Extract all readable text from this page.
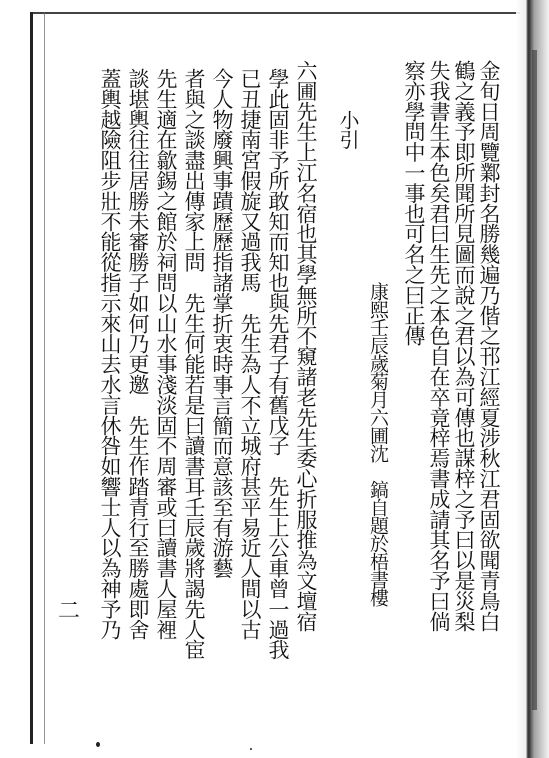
金旬日周覽鄴封名勝幾遍乃偕之邗江經夏涉秋江君固欲聞青鳥白
鶴之義予即所聞所見圖而說之君以為可傳也謀梓之予曰以是災梨
失我書生本色矣君曰生先之本色自在卒竟梓焉書成請其名予曰倘
察亦學問中一事也可名之曰正傳
康熙壬辰歲菊月六圃沈　鎬自題於梧書樓
小引
六圃先生上江名宿也其學無所不窺諸老先生委心折服推為文壇宿
學此固非予所敢知而知也與先君子有舊戊子　先生上公車曾一過我
已丑捷南宮假旋又過我馬　先生為人不立城府甚平易近人間以古
今人物廢興事蹟歷歷指諸掌折衷時事言簡而意該至有游藝
者與之談盡出傳家上問　先生何能若是曰讀書耳壬辰歲將謁先人宦
先生適在歙錫之館於祠問以山水事淺淡固不周審或曰讀書人屋裡
談堪輿往往居勝未審勝子如何乃更邀　先生作踏青行至勝處即舍
蓋輿越險阻步壯不能從指示來山去水言休咎如響士人以為神予乃
二
